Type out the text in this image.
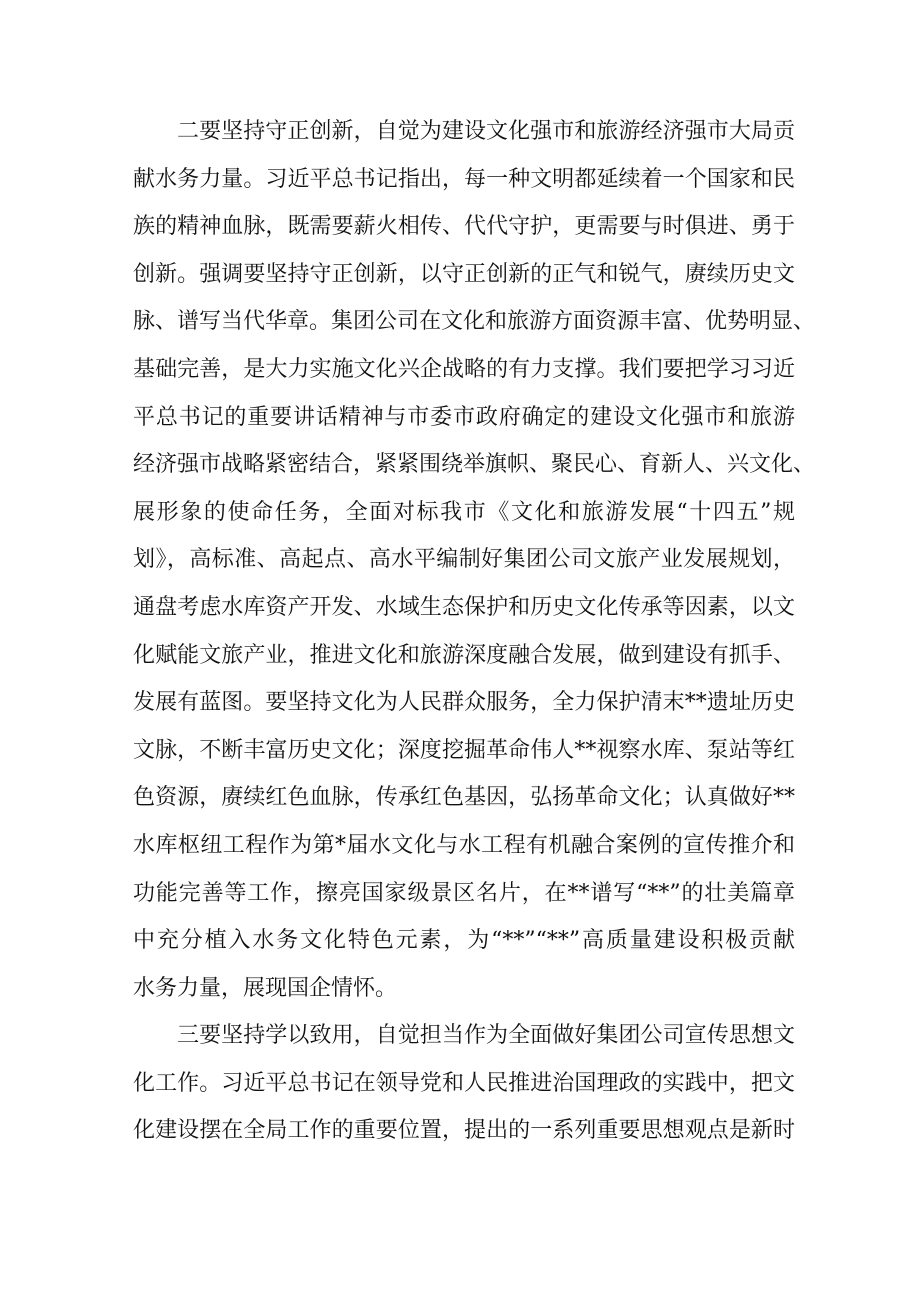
二要坚持守正创新，自觉为建设文化强市和旅游经济强市大局贡
献水务力量。习近平总书记指出，每一种文明都延续着一个国家和民
族的精神血脉，既需要薪火相传、代代守护，更需要与时俱进、勇于
创新。强调要坚持守正创新，以守正创新的正气和锐气，赓续历史文
脉、谱写当代华章。集团公司在文化和旅游方面资源丰富、优势明显、
基础完善，是大力实施文化兴企战略的有力支撑。我们要把学习习近
平总书记的重要讲话精神与市委市政府确定的建设文化强市和旅游
经济强市战略紧密结合，紧紧围绕举旗帜、聚民心、育新人、兴文化、
展形象的使命任务，全面对标我市《文化和旅游发展“十四五”规
划》，高标准、高起点、高水平编制好集团公司文旅产业发展规划，
通盘考虑水库资产开发、水域生态保护和历史文化传承等因素，以文
化赋能文旅产业，推进文化和旅游深度融合发展，做到建设有抓手、
发展有蓝图。要坚持文化为人民群众服务，全力保护清末**遗址历史
文脉，不断丰富历史文化；深度挖掘革命伟人**视察水库、泵站等红
色资源，赓续红色血脉，传承红色基因，弘扬革命文化；认真做好**
水库枢纽工程作为第*届水文化与水工程有机融合案例的宣传推介和
功能完善等工作，擦亮国家级景区名片，在**谱写“**”的壮美篇章
中充分植入水务文化特色元素，为“**”“**”高质量建设积极贡献
水务力量，展现国企情怀。
三要坚持学以致用，自觉担当作为全面做好集团公司宣传思想文
化工作。习近平总书记在领导党和人民推进治国理政的实践中，把文
化建设摆在全局工作的重要位置，提出的一系列重要思想观点是新时
